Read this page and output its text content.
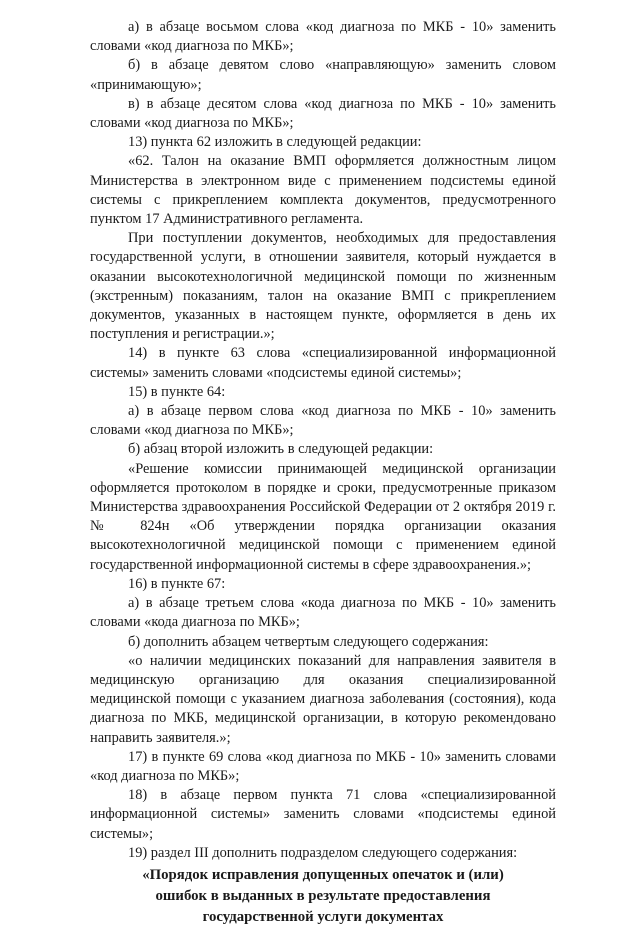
а) в абзаце восьмом слова «код диагноза по МКБ - 10» заменить словами «код диагноза по МКБ»;

б) в абзаце девятом слово «направляющую» заменить словом «принимающую»;

в) в абзаце десятом слова «код диагноза по МКБ - 10» заменить словами «код диагноза по МКБ»;

13) пункта 62 изложить в следующей редакции:

«62. Талон на оказание ВМП оформляется должностным лицом Министерства в электронном виде с применением подсистемы единой системы с прикреплением комплекта документов, предусмотренного пунктом 17 Административного регламента.

При поступлении документов, необходимых для предоставления государственной услуги, в отношении заявителя, который нуждается в оказании высокотехнологичной медицинской помощи по жизненным (экстренным) показаниям, талон на оказание ВМП с прикреплением документов, указанных в настоящем пункте, оформляется в день их поступления и регистрации.»;

14) в пункте 63 слова «специализированной информационной системы» заменить словами «подсистемы единой системы»;

15) в пункте 64:

а) в абзаце первом слова «код диагноза по МКБ - 10» заменить словами «код диагноза по МКБ»;

б) абзац второй изложить в следующей редакции:

«Решение комиссии принимающей медицинской организации оформляется протоколом в порядке и сроки, предусмотренные приказом Министерства здравоохранения Российской Федерации от 2 октября 2019 г. № 824н «Об утверждении порядка организации оказания высокотехнологичной медицинской помощи с применением единой государственной информационной системы в сфере здравоохранения.»;

16) в пункте 67:

а) в абзаце третьем слова «кода диагноза по МКБ - 10» заменить словами «кода диагноза по МКБ»;

б) дополнить абзацем четвертым следующего содержания:

«о наличии медицинских показаний для направления заявителя в медицинскую организацию для оказания специализированной медицинской помощи с указанием диагноза заболевания (состояния), кода диагноза по МКБ, медицинской организации, в которую рекомендовано направить заявителя.»;

17) в пункте 69 слова «код диагноза по МКБ - 10» заменить словами «код диагноза по МКБ»;

18) в абзаце первом пункта 71 слова «специализированной информационной системы» заменить словами «подсистемы единой системы»;

19) раздел III дополнить подразделом следующего содержания:

«Порядок исправления допущенных опечаток и (или)
ошибок в выданных в результате предоставления
государственной услуги документах
